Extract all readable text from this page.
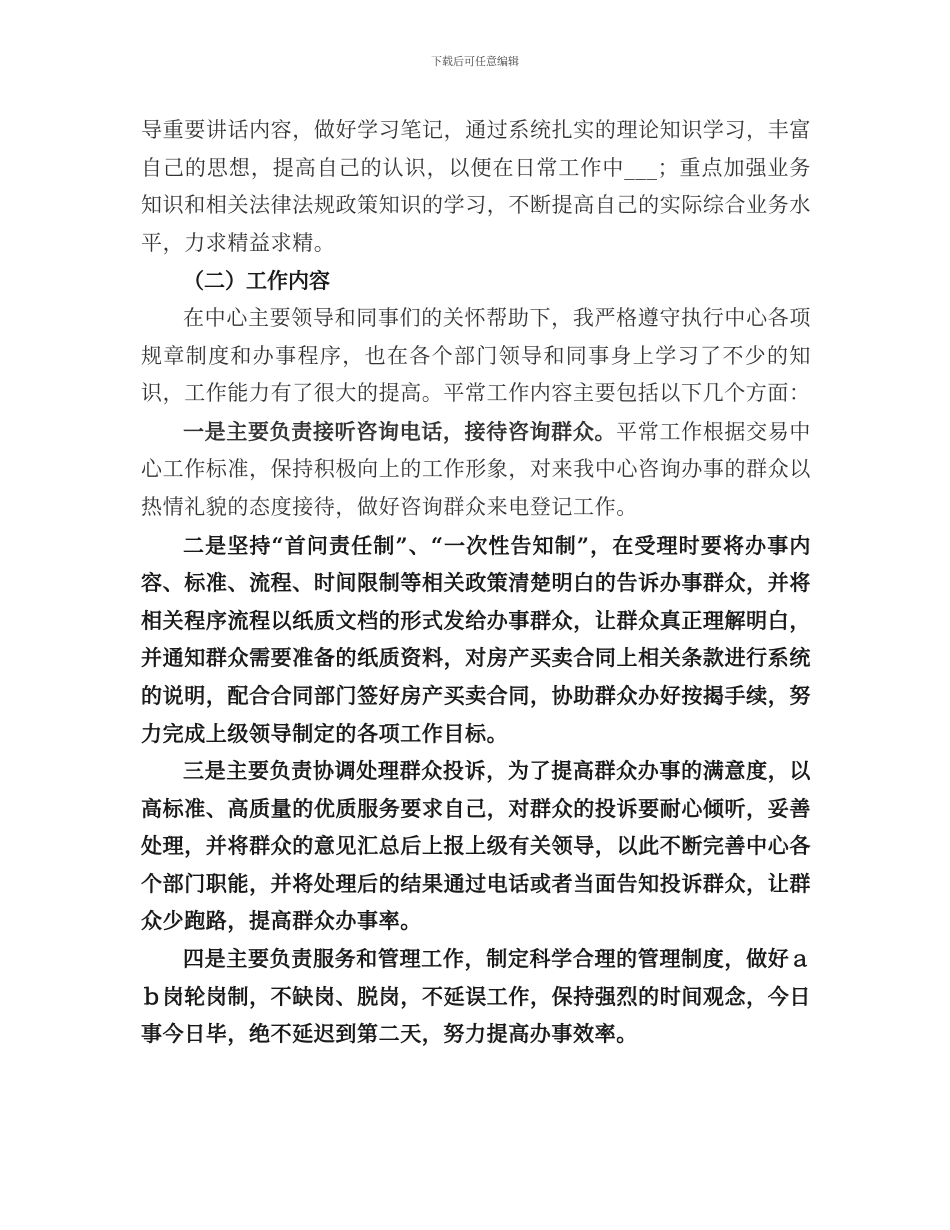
下载后可任意编辑

导重要讲话内容，做好学习笔记，通过系统扎实的理论知识学习，丰富自己的思想，提高自己的认识，以便在日常工作中___；重点加强业务知识和相关法律法规政策知识的学习，不断提高自己的实际综合业务水平，力求精益求精。

（二）工作内容

在中心主要领导和同事们的关怀帮助下，我严格遵守执行中心各项规章制度和办事程序，也在各个部门领导和同事身上学习了不少的知识，工作能力有了很大的提高。平常工作内容主要包括以下几个方面：

一是主要负责接听咨询电话，接待咨询群众。平常工作根据交易中心工作标准，保持积极向上的工作形象，对来我中心咨询办事的群众以热情礼貌的态度接待，做好咨询群众来电登记工作。

二是坚持“首问责任制”、“一次性告知制”，在受理时要将办事内容、标准、流程、时间限制等相关政策清楚明白的告诉办事群众，并将相关程序流程以纸质文档的形式发给办事群众，让群众真正理解明白，并通知群众需要准备的纸质资料，对房产买卖合同上相关条款进行系统的说明，配合合同部门签好房产买卖合同，协助群众办好按揭手续，努力完成上级领导制定的各项工作目标。

三是主要负责协调处理群众投诉，为了提高群众办事的满意度，以高标准、高质量的优质服务要求自己，对群众的投诉要耐心倾听，妥善处理，并将群众的意见汇总后上报上级有关领导，以此不断完善中心各个部门职能，并将处理后的结果通过电话或者当面告知投诉群众，让群众少跑路，提高群众办事率。

四是主要负责服务和管理工作，制定科学合理的管理制度，做好ａｂ岗轮岗制，不缺岗、脱岗，不延误工作，保持强烈的时间观念，今日事今日毕，绝不延迟到第二天，努力提高办事效率。
